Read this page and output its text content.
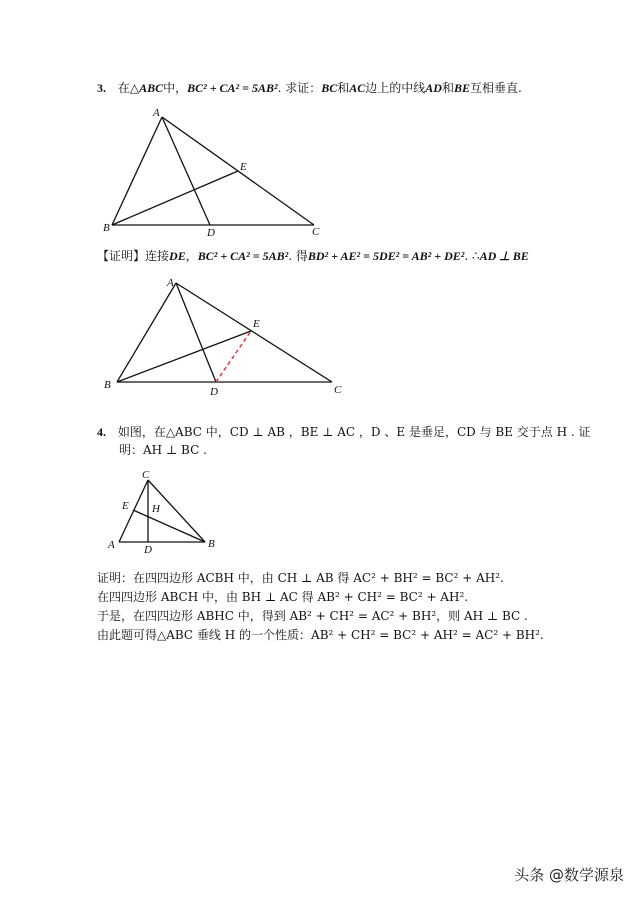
3. 在△ABC中，BC² + CA² = 5AB². 求证：BC和AC边上的中线AD和BE互相垂直.
A
B	C
D
E
【证明】连接DE，BC² + CA² = 5AB². 得BD² + AE² = 5DE² = AB² + DE². ∴AD ⊥ BE
A
B	C
D
E
4. 如图，在△ABC 中，CD ⊥ AB ，BE ⊥ AC ，D 、E 是垂足，CD 与 BE 交于点 H . 证
明：AH ⊥ BC .
C
E H
A	D	B
证明：在四四边形 ACBH 中，由 CH ⊥ AB 得 AC² + BH² = BC² + AH².
在四四边形 ABCH 中，由 BH ⊥ AC 得 AB² + CH² = BC² + AH².
于是，在四四边形 ABHC 中，得到 AB² + CH² = AC² + BH²，则 AH ⊥ BC .
由此题可得△ABC 垂线 H 的一个性质：AB² + CH² = BC² + AH² = AC² + BH².
头条 @数学源泉
